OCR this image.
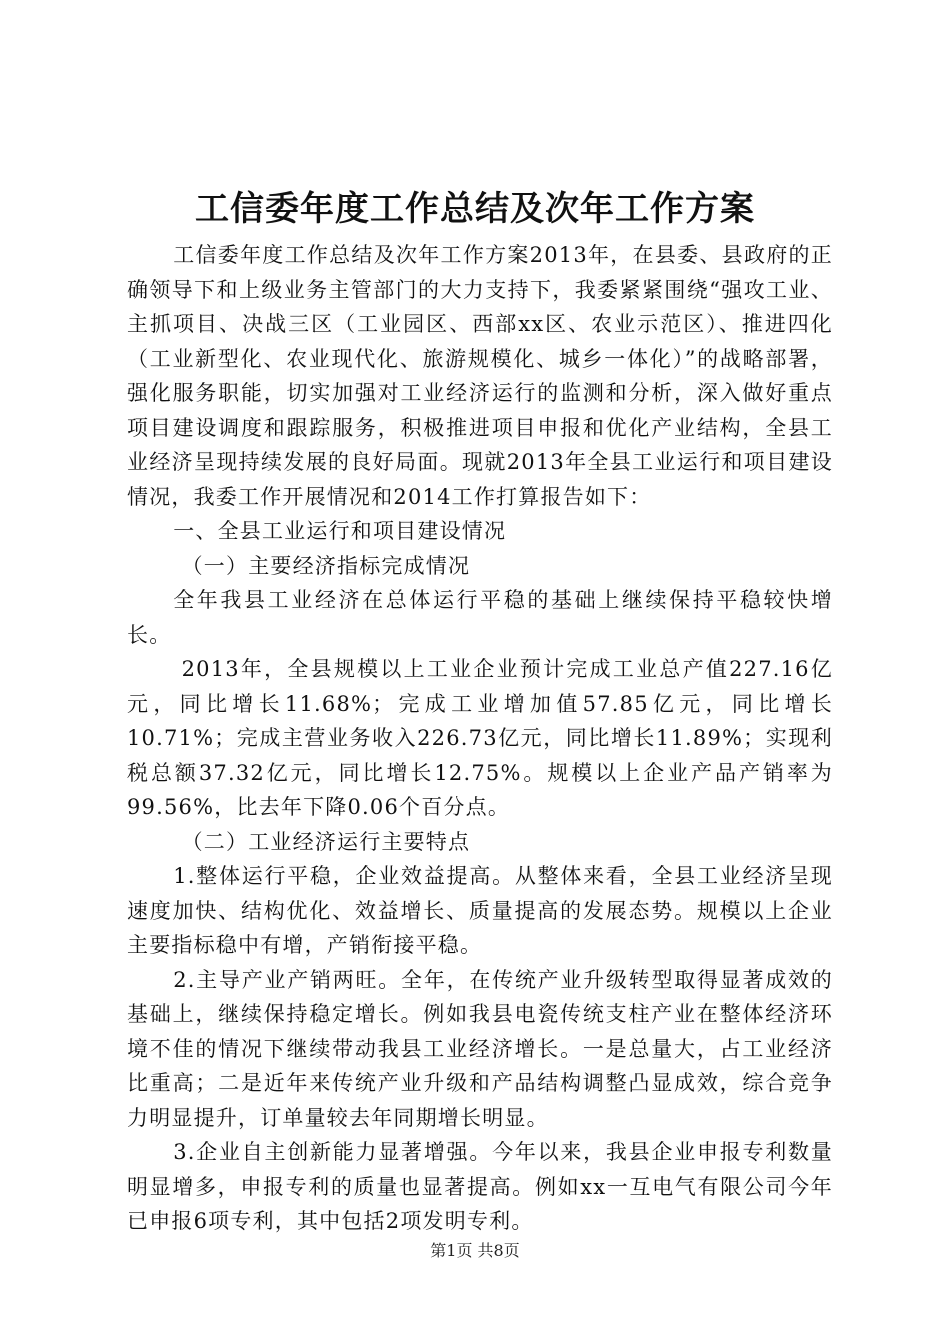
工信委年度工作总结及次年工作方案

工信委年度工作总结及次年工作方案2013年，在县委、县政府的正确领导下和上级业务主管部门的大力支持下，我委紧紧围绕“强攻工业、主抓项目、决战三区（工业园区、西部xx区、农业示范区）、推进四化（工业新型化、农业现代化、旅游规模化、城乡一体化）”的战略部署，强化服务职能，切实加强对工业经济运行的监测和分析，深入做好重点项目建设调度和跟踪服务，积极推进项目申报和优化产业结构，全县工业经济呈现持续发展的良好局面。现就2013年全县工业运行和项目建设情况，我委工作开展情况和2014工作打算报告如下：

一、全县工业运行和项目建设情况

（一）主要经济指标完成情况

全年我县工业经济在总体运行平稳的基础上继续保持平稳较快增长。

2013年，全县规模以上工业企业预计完成工业总产值227.16亿元，同比增长11.68%；完成工业增加值57.85亿元，同比增长10.71%；完成主营业务收入226.73亿元，同比增长11.89%；实现利税总额37.32亿元，同比增长12.75%。规模以上企业产品产销率为99.56%，比去年下降0.06个百分点。

（二）工业经济运行主要特点

1.整体运行平稳，企业效益提高。从整体来看，全县工业经济呈现速度加快、结构优化、效益增长、质量提高的发展态势。规模以上企业主要指标稳中有增，产销衔接平稳。

2.主导产业产销两旺。全年，在传统产业升级转型取得显著成效的基础上，继续保持稳定增长。例如我县电瓷传统支柱产业在整体经济环境不佳的情况下继续带动我县工业经济增长。一是总量大，占工业经济比重高；二是近年来传统产业升级和产品结构调整凸显成效，综合竞争力明显提升，订单量较去年同期增长明显。

3.企业自主创新能力显著增强。今年以来，我县企业申报专利数量明显增多，申报专利的质量也显著提高。例如xx一互电气有限公司今年已申报6项专利，其中包括2项发明专利。

第1页 共8页
